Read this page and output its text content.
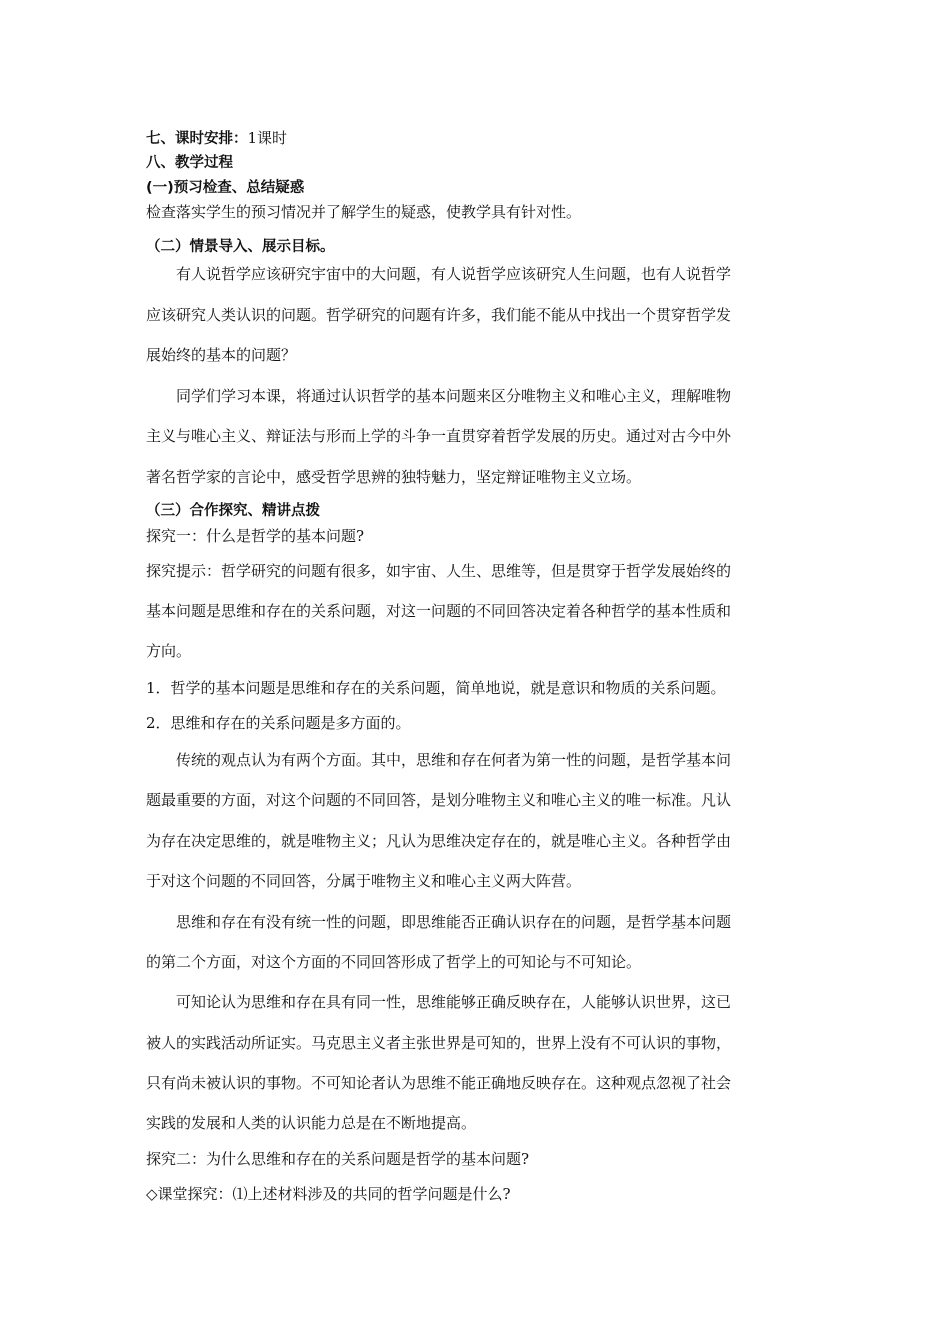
七、课时安排：1课时
八、教学过程
(一)预习检查、总结疑惑
检查落实学生的预习情况并了解学生的疑惑，使教学具有针对性。
（二）情景导入、展示目标。
有人说哲学应该研究宇宙中的大问题，有人说哲学应该研究人生问题，也有人说哲学
应该研究人类认识的问题。哲学研究的问题有许多，我们能不能从中找出一个贯穿哲学发
展始终的基本的问题？
同学们学习本课，将通过认识哲学的基本问题来区分唯物主义和唯心主义，理解唯物
主义与唯心主义、辩证法与形而上学的斗争一直贯穿着哲学发展的历史。通过对古今中外
著名哲学家的言论中，感受哲学思辨的独特魅力，坚定辩证唯物主义立场。
（三）合作探究、精讲点拨
探究一：什么是哲学的基本问题?
探究提示：哲学研究的问题有很多，如宇宙、人生、思维等，但是贯穿于哲学发展始终的
基本问题是思维和存在的关系问题，对这一问题的不同回答决定着各种哲学的基本性质和
方向。
1．哲学的基本问题是思维和存在的关系问题，简单地说，就是意识和物质的关系问题。
2．思维和存在的关系问题是多方面的。
传统的观点认为有两个方面。其中，思维和存在何者为第一性的问题，是哲学基本问
题最重要的方面，对这个问题的不同回答，是划分唯物主义和唯心主义的唯一标准。凡认
为存在决定思维的，就是唯物主义；凡认为思维决定存在的，就是唯心主义。各种哲学由
于对这个问题的不同回答，分属于唯物主义和唯心主义两大阵营。
思维和存在有没有统一性的问题，即思维能否正确认识存在的问题，是哲学基本问题
的第二个方面，对这个方面的不同回答形成了哲学上的可知论与不可知论。
可知论认为思维和存在具有同一性，思维能够正确反映存在，人能够认识世界，这已
被人的实践活动所证实。马克思主义者主张世界是可知的，世界上没有不可认识的事物，
只有尚未被认识的事物。不可知论者认为思维不能正确地反映存在。这种观点忽视了社会
实践的发展和人类的认识能力总是在不断地提高。
探究二：为什么思维和存在的关系问题是哲学的基本问题?
◇课堂探究：⑴上述材料涉及的共同的哲学问题是什么?
